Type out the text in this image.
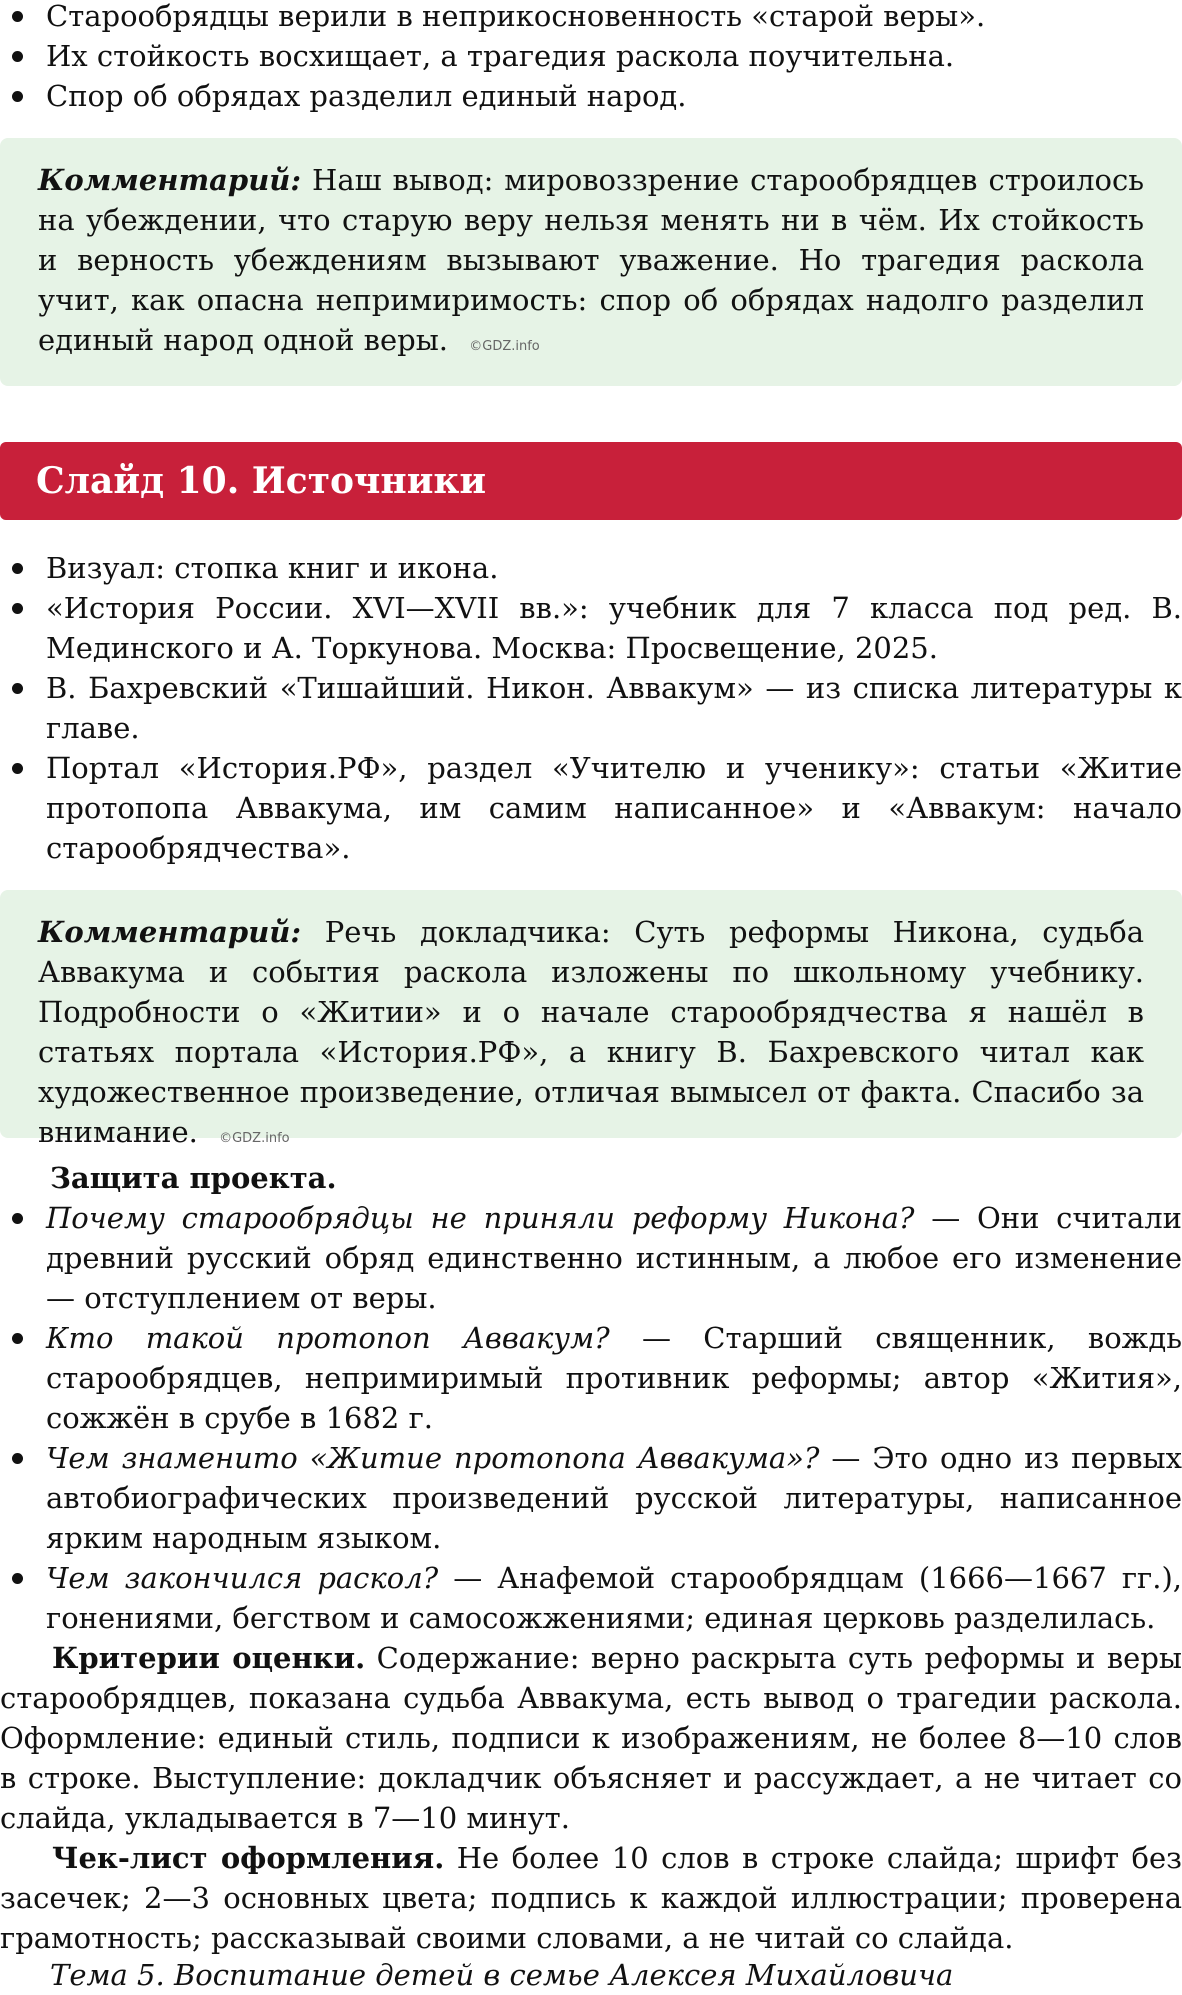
Старообрядцы верили в неприкосновенность «старой веры».
Их стойкость восхищает, а трагедия раскола поучительна.
Спор об обрядах разделил единый народ.
Комментарий: Наш вывод: мировоззрение старообрядцев строилось на убеждении, что старую веру нельзя менять ни в чём. Их стойкость и верность убеждениям вызывают уважение. Но трагедия раскола учит, как опасна непримиримость: спор об обрядах надолго разделил единый народ одной веры. ©GDZ.info
Слайд 10. Источники
Визуал: стопка книг и икона.
«История России. XVI—XVII вв.»: учебник для 7 класса под ред. В. Мединского и А. Торкунова. Москва: Просвещение, 2025.
В. Бахревский «Тишайший. Никон. Аввакум» — из списка литературы к главе.
Портал «История.РФ», раздел «Учителю и ученику»: статьи «Житие протопопа Аввакума, им самим написанное» и «Аввакум: начало старообрядчества».
Комментарий: Речь докладчика: Суть реформы Никона, судьба Аввакума и события раскола изложены по школьному учебнику. Подробности о «Житии» и о начале старообрядчества я нашёл в статьях портала «История.РФ», а книгу В. Бахревского читал как художественное произведение, отличая вымысел от факта. Спасибо за внимание. ©GDZ.info
Защита проекта.
Почему старообрядцы не приняли реформу Никона? — Они считали древний русский обряд единственно истинным, а любое его изменение — отступлением от веры.
Кто такой протопоп Аввакум? — Старший священник, вождь старообрядцев, непримиримый противник реформы; автор «Жития», сожжён в срубе в 1682 г.
Чем знаменито «Житие протопопа Аввакума»? — Это одно из первых автобиографических произведений русской литературы, написанное ярким народным языком.
Чем закончился раскол? — Анафемой старообрядцам (1666—1667 гг.), гонениями, бегством и самосожжениями; единая церковь разделилась.

Критерии оценки. Содержание: верно раскрыта суть реформы и веры старообрядцев, показана судьба Аввакума, есть вывод о трагедии раскола. Оформление: единый стиль, подписи к изображениям, не более 8—10 слов в строке. Выступление: докладчик объясняет и рассуждает, а не читает со слайда, укладывается в 7—10 минут.

Чек-лист оформления. Не более 10 слов в строке слайда; шрифт без засечек; 2—3 основных цвета; подпись к каждой иллюстрации; проверена грамотность; рассказывай своими словами, а не читай со слайда.

Тема 5. Воспитание детей в семье Алексея Михайловича
